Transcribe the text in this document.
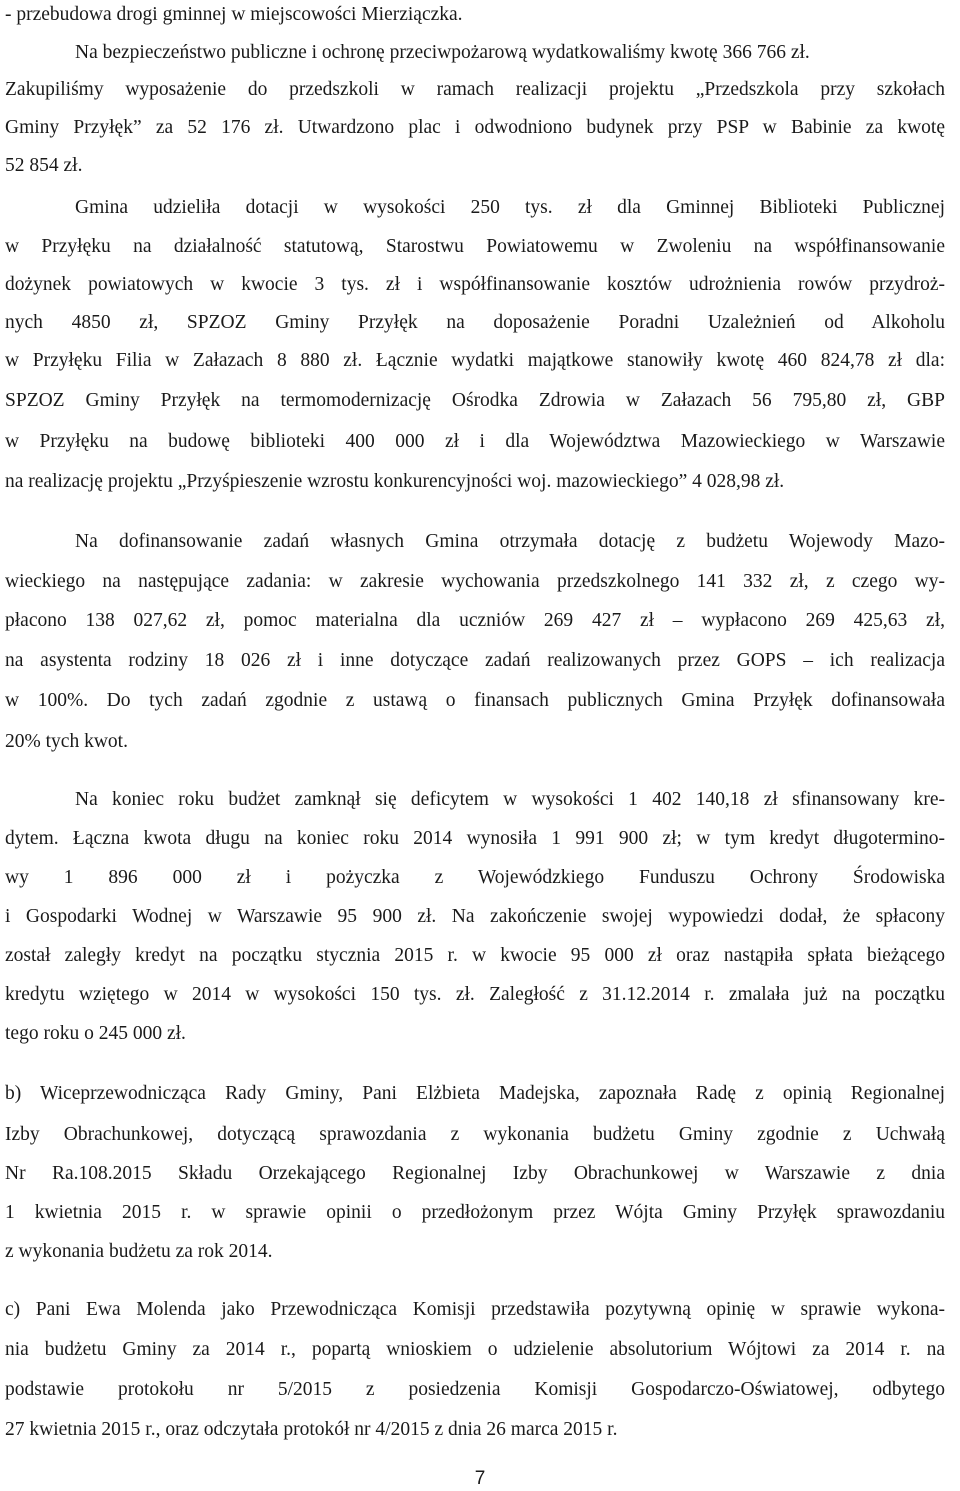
- przebudowa drogi gminnej w miejscowości Mierziączka.
Na bezpieczeństwo publiczne i ochronę przeciwpożarową wydatkowaliśmy kwotę 366 766 zł.
Zakupiliśmy wyposażenie do przedszkoli w ramach realizacji projektu „Przedszkola przy szkołach
Gminy Przyłęk” za 52 176 zł. Utwardzono plac i odwodniono budynek przy PSP w Babinie za kwotę
52 854 zł.
Gmina udzieliła dotacji w wysokości 250 tys. zł dla Gminnej Biblioteki Publicznej
w Przyłęku na działalność statutową, Starostwu Powiatowemu w Zwoleniu na współfinansowanie
dożynek powiatowych w kwocie 3 tys. zł i współfinansowanie kosztów udrożnienia rowów przydroż-
nych 4850 zł, SPZOZ Gminy Przyłęk na doposażenie Poradni Uzależnień od Alkoholu
w Przyłęku Filia w Załazach 8 880 zł. Łącznie wydatki majątkowe stanowiły kwotę 460 824,78 zł dla:
SPZOZ Gminy Przyłęk na termomodernizację Ośrodka Zdrowia w Załazach 56 795,80 zł, GBP
w Przyłęku na budowę biblioteki 400 000 zł i dla Województwa Mazowieckiego w Warszawie
na realizację projektu „Przyśpieszenie wzrostu konkurencyjności woj. mazowieckiego” 4 028,98 zł.
Na dofinansowanie zadań własnych Gmina otrzymała dotację z budżetu Wojewody Mazo-
wieckiego na następujące zadania: w zakresie wychowania przedszkolnego 141 332 zł, z czego wy-
płacono 138 027,62 zł, pomoc materialna dla uczniów 269 427 zł – wypłacono 269 425,63 zł,
na asystenta rodziny 18 026 zł i inne dotyczące zadań realizowanych przez GOPS – ich realizacja
w 100%. Do tych zadań zgodnie z ustawą o finansach publicznych Gmina Przyłęk dofinansowała
20% tych kwot.
Na koniec roku budżet zamknął się deficytem w wysokości 1 402 140,18 zł sfinansowany kre-
dytem. Łączna kwota długu na koniec roku 2014 wynosiła 1 991 900 zł; w tym kredyt długotermino-
wy 1 896 000 zł i pożyczka z Wojewódzkiego Funduszu Ochrony Środowiska
i Gospodarki Wodnej w Warszawie 95 900 zł. Na zakończenie swojej wypowiedzi dodał, że spłacony
został zaległy kredyt na początku stycznia 2015 r. w kwocie 95 000 zł oraz nastąpiła spłata bieżącego
kredytu wziętego w 2014 w wysokości 150 tys. zł. Zaległość z 31.12.2014 r. zmalała już na początku
tego roku o 245 000 zł.
b) Wiceprzewodnicząca Rady Gminy, Pani Elżbieta Madejska, zapoznała Radę z opinią Regionalnej
Izby Obrachunkowej, dotyczącą sprawozdania z wykonania budżetu Gminy zgodnie z Uchwałą
Nr Ra.108.2015 Składu Orzekającego Regionalnej Izby Obrachunkowej w Warszawie z dnia
1 kwietnia 2015 r. w sprawie opinii o przedłożonym przez Wójta Gminy Przyłęk sprawozdaniu
z wykonania budżetu za rok 2014.
c) Pani Ewa Molenda jako Przewodnicząca Komisji przedstawiła pozytywną opinię w sprawie wykona-
nia budżetu Gminy za 2014 r., popartą wnioskiem o udzielenie absolutorium Wójtowi za 2014 r. na
podstawie protokołu nr 5/2015 z posiedzenia Komisji Gospodarczo-Oświatowej, odbytego
27 kwietnia 2015 r., oraz odczytała protokół nr 4/2015 z dnia 26 marca 2015 r.
7
